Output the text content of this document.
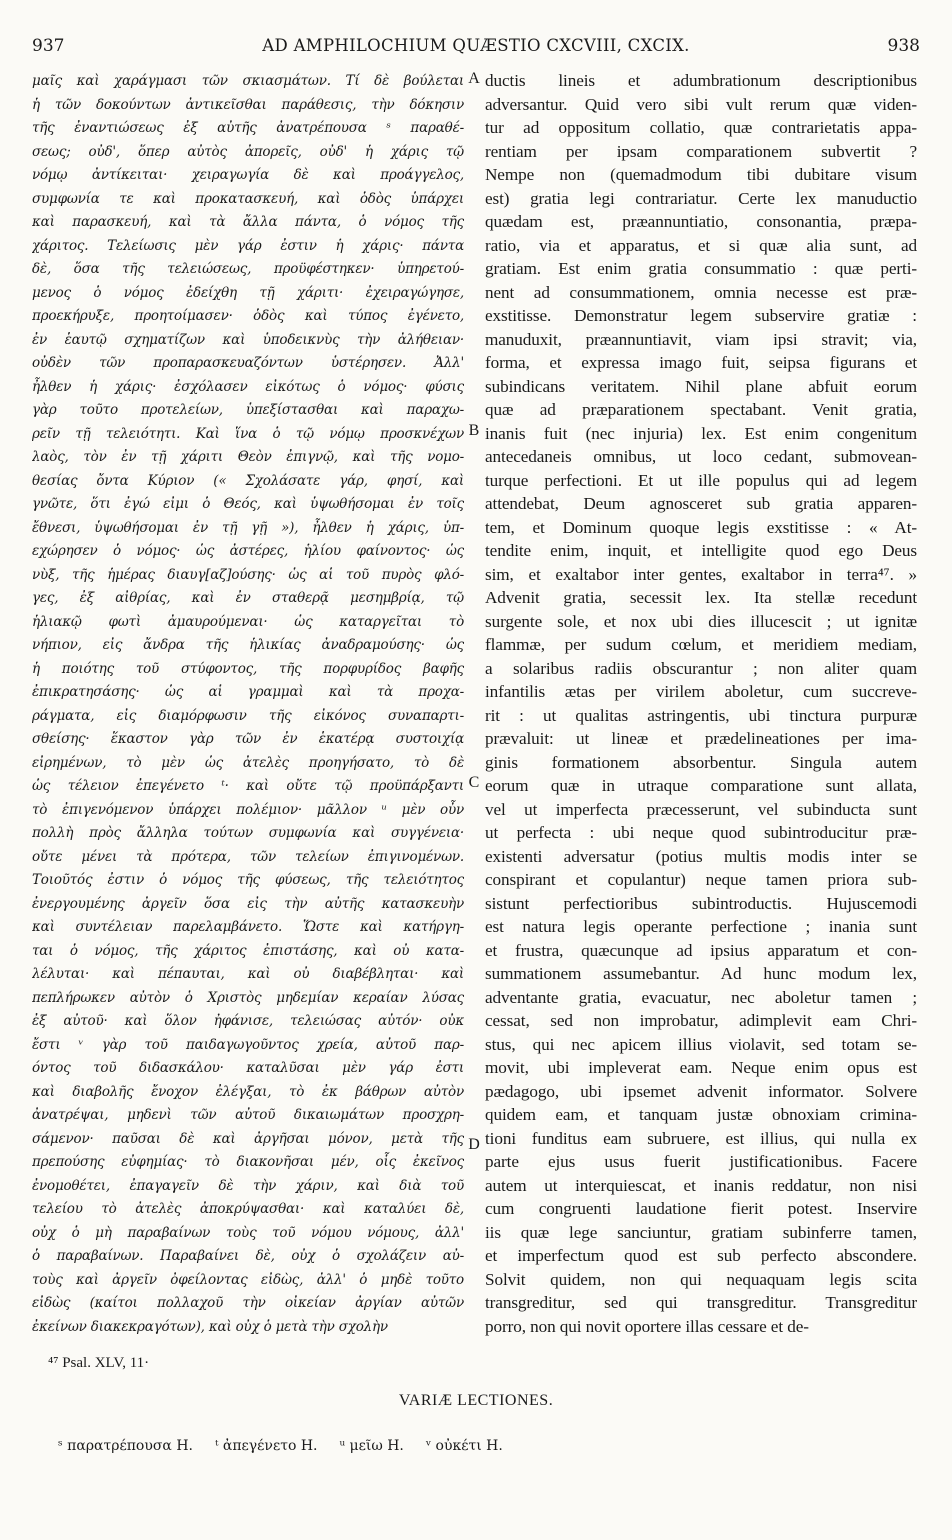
937	AD AMPHILOCHIUM QUÆSTIO CXCVIII, CXCIX.	938
μαῖς καὶ χαράγμασι τῶν σκιασμάτων. Τί δὲ βούλεται
ἡ τῶν δοκούντων ἀντικεῖσθαι παράθεσις, τὴν δόκησιν
τῆς ἐναντιώσεως ἐξ αὐτῆς ἀνατρέπουσα ˢ παραθέ-
σεως; οὐδ', ὅπερ αὐτὸς ἀπορεῖς, οὐδ' ἡ χάρις τῷ
νόμῳ ἀντίκειται· χειραγωγία δὲ καὶ προάγγελος,
συμφωνία τε καὶ προκατασκευή, καὶ ὁδὸς ὑπάρχει
καὶ παρασκευή, καὶ τὰ ἄλλα πάντα, ὁ νόμος τῆς
χάριτος. Τελείωσις μὲν γάρ ἐστιν ἡ χάρις· πάντα
δὲ, ὅσα τῆς τελειώσεως, προϋφέστηκεν· ὑπηρετού-
μενος ὁ νόμος ἐδείχθη τῇ χάριτι· ἐχειραγώγησε,
προεκήρυξε, προητοίμασεν· ὁδὸς καὶ τύπος ἐγένετο,
ἐν ἑαυτῷ σχηματίζων καὶ ὑποδεικνὺς τὴν ἀλήθειαν·
οὐδὲν τῶν προπαρασκευαζόντων ὑστέρησεν. Ἀλλ'
ἦλθεν ἡ χάρις· ἐσχόλασεν εἰκότως ὁ νόμος· φύσις
γὰρ τοῦτο προτελείων, ὑπεξίστασθαι καὶ παραχω-
ρεῖν τῇ τελειότητι. Καὶ ἵνα ὁ τῷ νόμῳ προσκνέχων
λαὸς, τὸν ἐν τῇ χάριτι Θεὸν ἐπιγνῷ, καὶ τῆς νομο-
θεσίας ὄντα Κύριον (« Σχολάσατε γάρ, φησί, καὶ
γνῶτε, ὅτι ἐγώ εἰμι ὁ Θεός, καὶ ὑψωθήσομαι ἐν τοῖς
ἔθνεσι, ὑψωθήσομαι ἐν τῇ γῇ »), ἦλθεν ἡ χάρις, ὑπ-
εχώρησεν ὁ νόμος· ὡς ἀστέρες, ἡλίου φαίνοντος· ὡς
νὺξ, τῆς ἡμέρας διαυγ[αζ]ούσης· ὡς αἱ τοῦ πυρὸς φλό-
γες, ἐξ αἰθρίας, καὶ ἐν σταθερᾷ μεσημβρίᾳ, τῷ
ἡλιακῷ φωτὶ ἀμαυρούμεναι· ὡς καταργεῖται τὸ
νήπιον, εἰς ἄνδρα τῆς ἡλικίας ἀναδραμούσης· ὡς
ἡ ποιότης τοῦ στύφοντος, τῆς πορφυρίδος βαφῆς
ἐπικρατησάσης· ὡς αἱ γραμμαὶ καὶ τὰ προχα-
ράγματα, εἰς διαμόρφωσιν τῆς εἰκόνος συναπαρτι-
σθείσης· ἕκαστον γὰρ τῶν ἐν ἑκατέρᾳ συστοιχίᾳ
εἰρημένων, τὸ μὲν ὡς ἀτελὲς προηγήσατο, τὸ δὲ
ὡς τέλειον ἐπεγένετο ᵗ· καὶ οὔτε τῷ προϋπάρξαντι
τὸ ἐπιγενόμενον ὑπάρχει πολέμιον· μᾶλλον ᵘ μὲν οὖν
πολλὴ πρὸς ἄλληλα τούτων συμφωνία καὶ συγγένεια·
οὔτε μένει τὰ πρότερα, τῶν τελείων ἐπιγινομένων.
Τοιοῦτός ἐστιν ὁ νόμος τῆς φύσεως, τῆς τελειότητος
ἐνεργουμένης ἀργεῖν ὅσα εἰς τὴν αὐτῆς κατασκευὴν
καὶ συντέλειαν παρελαμβάνετο. Ὥστε καὶ κατήργη-
ται ὁ νόμος, τῆς χάριτος ἐπιστάσης, καὶ οὐ κατα-
λέλυται· καὶ πέπαυται, καὶ οὐ διαβέβληται· καὶ
πεπλήρωκεν αὐτὸν ὁ Χριστὸς μηδεμίαν κεραίαν λύσας
ἐξ αὐτοῦ· καὶ ὅλον ἠφάνισε, τελειώσας αὐτόν· οὐκ
ἔστι ᵛ γὰρ τοῦ παιδαγωγοῦντος χρεία, αὐτοῦ παρ-
όντος τοῦ διδασκάλου· καταλῦσαι μὲν γάρ ἐστι
καὶ διαβολῆς ἔνοχον ἐλέγξαι, τὸ ἐκ βάθρων αὐτὸν
ἀνατρέψαι, μηδενὶ τῶν αὐτοῦ δικαιωμάτων προσχρη-
σάμενον· παῦσαι δὲ καὶ ἀργῆσαι μόνον, μετὰ τῆς
πρεπούσης εὐφημίας· τὸ διακονῆσαι μέν, οἷς ἐκεῖνος
ἐνομοθέτει, ἐπαγαγεῖν δὲ τὴν χάριν, καὶ διὰ τοῦ
τελείου τὸ ἀτελὲς ἀποκρύψασθαι· καὶ καταλύει δὲ,
οὐχ ὁ μὴ παραβαίνων τοὺς τοῦ νόμου νόμους, ἀλλ'
ὁ παραβαίνων. Παραβαίνει δὲ, οὐχ ὁ σχολάζειν αὐ-
τοὺς καὶ ἀργεῖν ὀφείλοντας εἰδὼς, ἀλλ' ὁ μηδὲ τοῦτο
εἰδὼς (καίτοι πολλαχοῦ τὴν οἰκείαν ἀργίαν αὐτῶν
ἐκείνων διακεκραγότων), καὶ οὐχ ὁ μετὰ τὴν σχολὴν
ductis lineis et adumbrationum descriptionibus
adversantur. Quid vero sibi vult rerum quæ viden-
tur ad oppositum collatio, quæ contrarietatis appa-
rentiam per ipsam comparationem subvertit ?
Nempe non (quemadmodum tibi dubitare visum
est) gratia legi contrariatur. Certe lex manuductio
quædam est, præannuntiatio, consonantia, præpa-
ratio, via et apparatus, et si quæ alia sunt, ad
gratiam. Est enim gratia consummatio : quæ perti-
nent ad consummationem, omnia necesse est præ-
exstitisse. Demonstratur legem subservire gratiæ :
manuduxit, præannuntiavit, viam ipsi stravit; via,
forma, et expressa imago fuit, seipsa figurans et
subindicans veritatem. Nihil plane abfuit eorum
quæ ad præparationem spectabant. Venit gratia,
inanis fuit (nec injuria) lex. Est enim congenitum
antecedaneis omnibus, ut loco cedant, submovean-
turque perfectioni. Et ut ille populus qui ad legem
attendebat, Deum agnosceret sub gratia apparen-
tem, et Dominum quoque legis exstitisse : « At-
tendite enim, inquit, et intelligite quod ego Deus
sim, et exaltabor inter gentes, exaltabor in terra⁴⁷. »
Advenit gratia, secessit lex. Ita stellæ recedunt
surgente sole, et nox ubi dies illucescit ; ut ignitæ
flammæ, per sudum cœlum, et meridiem mediam,
a solaribus radiis obscurantur ; non aliter quam
infantilis ætas per virilem aboletur, cum succreve-
rit : ut qualitas astringentis, ubi tinctura purpuræ
prævaluit: ut lineæ et prædelineationes per ima-
ginis formationem absorbentur. Singula autem
eorum quæ in utraque comparatione sunt allata,
vel ut imperfecta præcesserunt, vel subinducta sunt
ut perfecta : ubi neque quod subintroducitur præ-
existenti adversatur (potius multis modis inter se
conspirant et copulantur) neque tamen priora sub-
sistunt perfectioribus subintroductis. Hujuscemodi
est natura legis operante perfectione ; inania sunt
et frustra, quæcunque ad ipsius apparatum et con-
summationem assumebantur. Ad hunc modum lex,
adventante gratia, evacuatur, nec aboletur tamen ;
cessat, sed non improbatur, adimplevit eam Chri-
stus, qui nec apicem illius violavit, sed totam se-
movit, ubi impleverat eam. Neque enim opus est
pædagogo, ubi ipsemet advenit informator. Solvere
quidem eam, et tanquam justæ obnoxiam crimina-
tioni funditus eam subruere, est illius, qui nulla ex
parte ejus usus fuerit justificationibus. Facere
autem ut interquiescat, et inanis reddatur, non nisi
cum congruenti laudatione fierit potest. Inservire
iis quæ lege sanciuntur, gratiam subinferre tamen,
et imperfectum quod est sub perfecto abscondere.
Solvit quidem, non qui nequaquam legis scita
transgreditur, sed qui transgreditur. Transgreditur
porro, non qui novit oportere illas cessare et de-
A
B
C
D
⁴⁷ Psal. XLV, 11·
VARIÆ LECTIONES.
ˢ παρατρέπουσα H. ᵗ ἀπεγένετο H. ᵘ μεῖω H. ᵛ οὐκέτι H.
